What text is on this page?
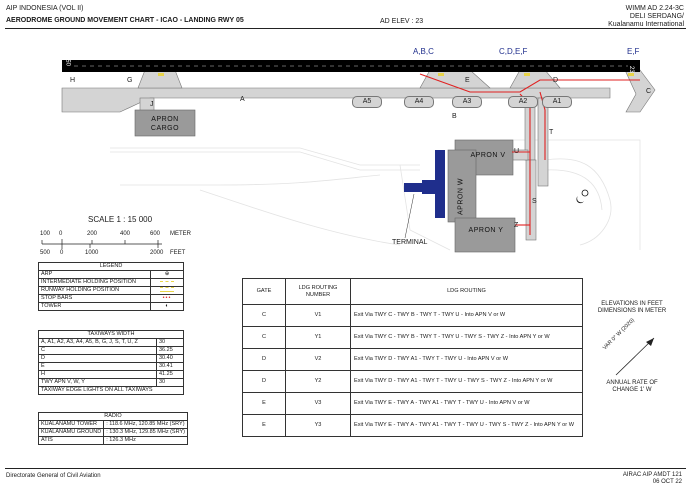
AIP INDONESIA (VOL II)
AERODROME GROUND MOVEMENT CHART - ICAO - LANDING RWY 05	AD ELEV : 23
WIMM AD 2.24-3C
DELI SERDANG/
Kualanamu International
05
23
A,B,C	C,D,E,F	E,F
H	G
A
E	D
C
J
B
T
U
S
Z
A5	A4	A3	A2	A1
APRON CARGO
APRON V
APRON W
APRON Y
TERMINAL
SCALE 1 : 15 000
100 0	200	400	600 METER
500 0	1000	2000 FEET
LEGEND	
ARP	⊕
INTERMEDIATE HOLDING POSITION	
RUNWAY HOLDING POSITION	
STOP BARS	•••
TOWER	◐
TAXIWAYS WIDTH	
A, A1, A2, A3, A4, A5, B, G, J, S, T, U, Z	30
C	36.25
D	30.40
E	30.41
H	41.25
TWY APN V, W, Y	30
TAXIWAY EDGE LIGHTS ON ALL TAXIWAYS	
RADIO	
KUALANAMU TOWER	: 118.6 MHz, 120.85 MHz (SRY)
KUALANAMU GROUND	: 130.3 MHz, 129.85 MHz (SRY)
ATIS	: 126.3 MHz
GATE	LDG ROUTING NUMBER	LDG ROUTING
C	V1	Exit Via TWY C - TWY B - TWY T - TWY U - Into APN V or W
C	Y1	Exit Via TWY C - TWY B - TWY T - TWY U - TWY S - TWY Z - Into APN Y or W
D	V2	Exit Via TWY D - TWY A1 - TWY T - TWY U - Into APN V or W
D	Y2	Exit Via TWY D - TWY A1 - TWY T - TWY U - TWY S - TWY Z - Into APN Y or W
E	V3	Exit Via TWY E - TWY A - TWY A1 - TWY T - TWY U - Into APN V or W
E	Y3	Exit Via TWY E - TWY A - TWY A1 - TWY T - TWY U - TWY S - TWY Z - Into APN Y or W
ELEVATIONS IN FEET DIMENSIONS IN METER
VAR 0° W (2020)
ANNUAL RATE OF CHANGE 1' W
Directorate General of Civil Aviation	AIRAC AIP AMDT 121
06 OCT 22
